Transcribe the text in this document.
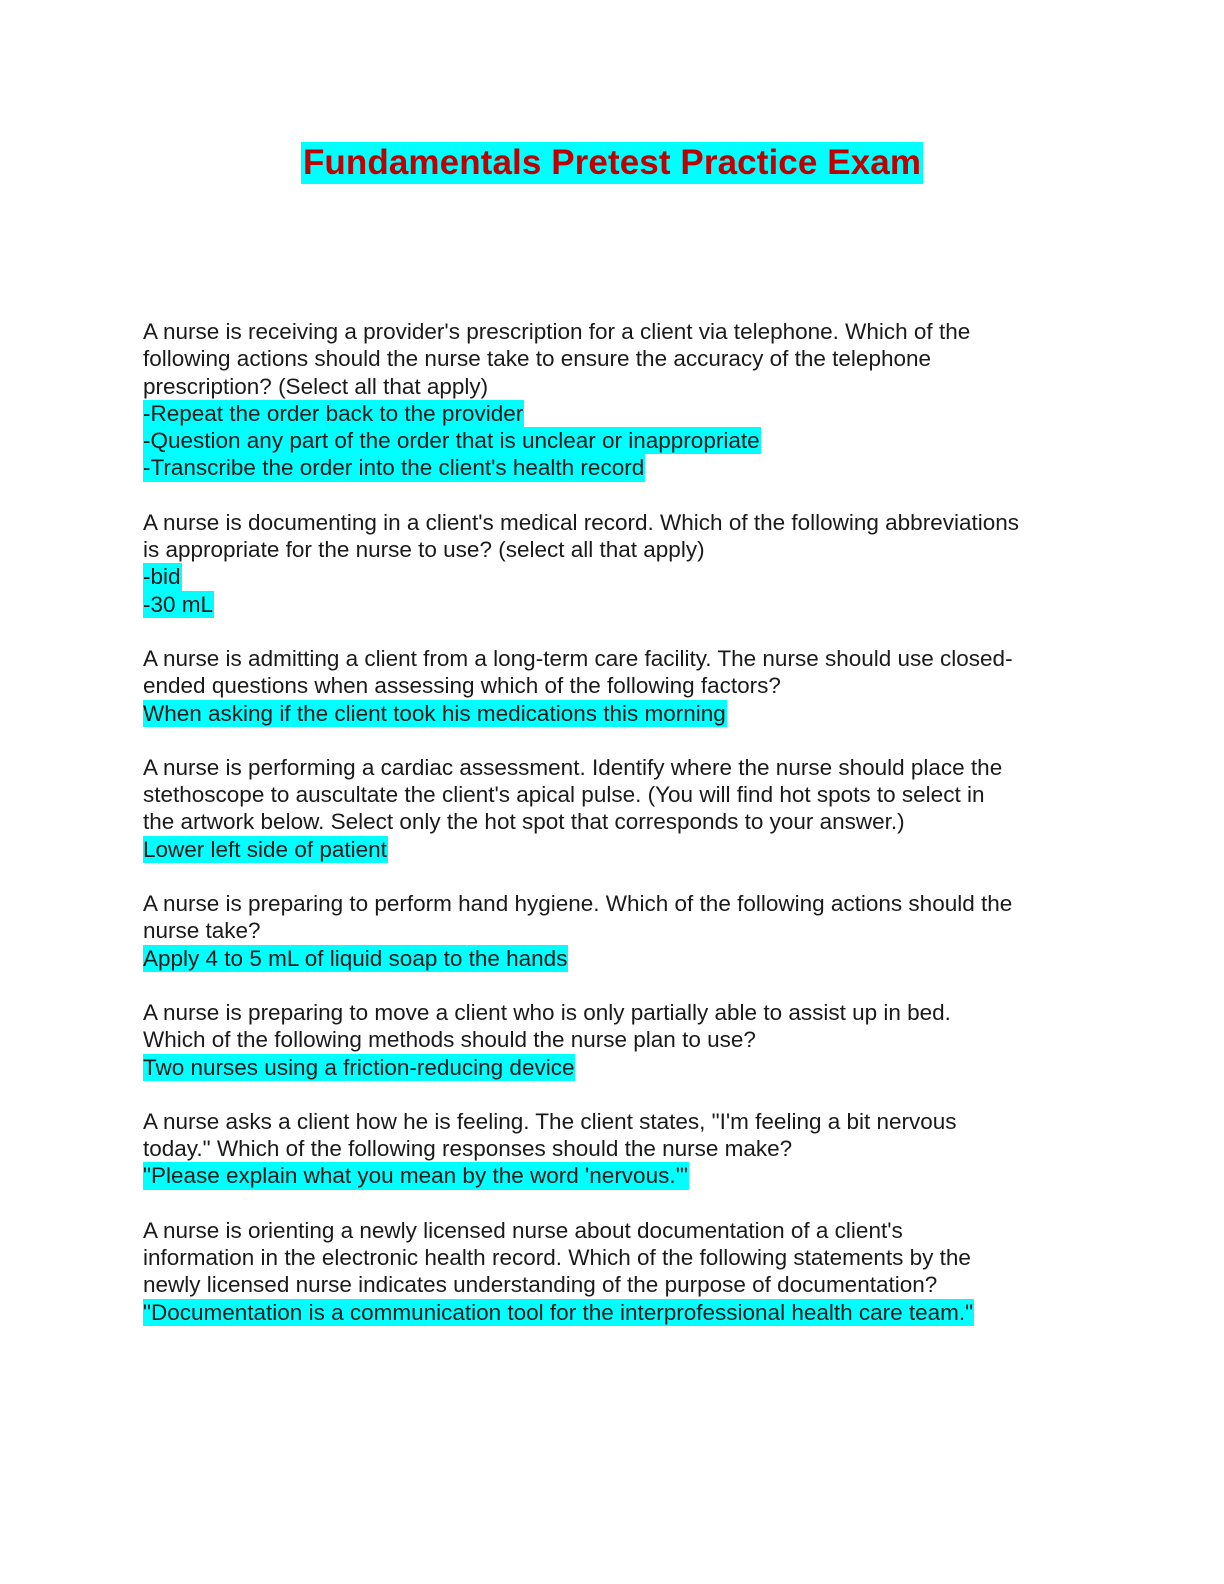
Fundamentals Pretest Practice Exam
A nurse is receiving a provider's prescription for a client via telephone. Which of the
following actions should the nurse take to ensure the accuracy of the telephone
prescription? (Select all that apply)
-Repeat the order back to the provider
-Question any part of the order that is unclear or inappropriate
-Transcribe the order into the client's health record
A nurse is documenting in a client's medical record. Which of the following abbreviations
is appropriate for the nurse to use? (select all that apply)
-bid
-30 mL
A nurse is admitting a client from a long-term care facility. The nurse should use closed-
ended questions when assessing which of the following factors?
When asking if the client took his medications this morning
A nurse is performing a cardiac assessment. Identify where the nurse should place the
stethoscope to auscultate the client's apical pulse. (You will find hot spots to select in
the artwork below. Select only the hot spot that corresponds to your answer.)
Lower left side of patient
A nurse is preparing to perform hand hygiene. Which of the following actions should the
nurse take?
Apply 4 to 5 mL of liquid soap to the hands
A nurse is preparing to move a client who is only partially able to assist up in bed.
Which of the following methods should the nurse plan to use?
Two nurses using a friction-reducing device
A nurse asks a client how he is feeling. The client states, "I'm feeling a bit nervous
today." Which of the following responses should the nurse make?
"Please explain what you mean by the word 'nervous.'"
A nurse is orienting a newly licensed nurse about documentation of a client's
information in the electronic health record. Which of the following statements by the
newly licensed nurse indicates understanding of the purpose of documentation?
"Documentation is a communication tool for the interprofessional health care team."
